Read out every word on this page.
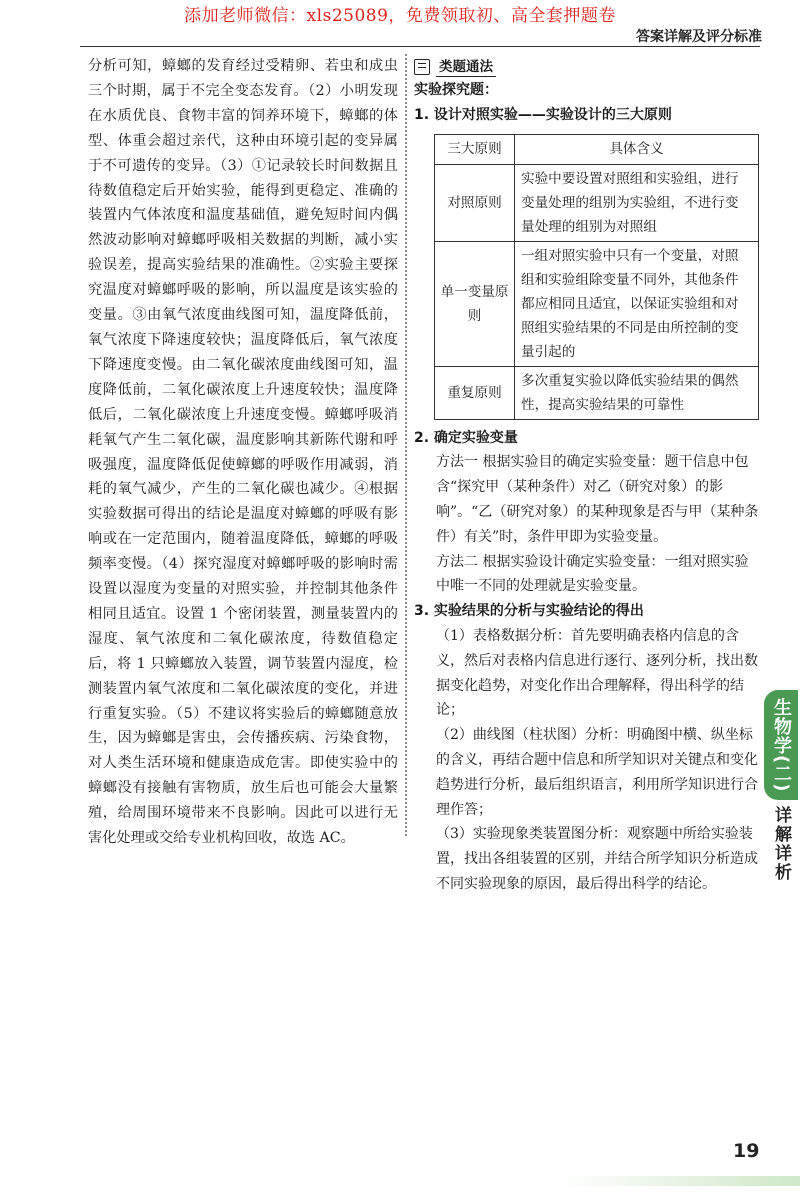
添加老师微信：xls25089，免费领取初、高全套押题卷
答案详解及评分标准

分析可知，蟑螂的发育经过受精卵、若虫和成虫三个时期，属于不完全变态发育。（2）小明发现在水质优良、食物丰富的饲养环境下，蟑螂的体型、体重会超过亲代，这种由环境引起的变异属于不可遗传的变异。（3）①记录较长时间数据且待数值稳定后开始实验，能得到更稳定、准确的装置内气体浓度和温度基础值，避免短时间内偶然波动影响对蟑螂呼吸相关数据的判断，减小实验误差，提高实验结果的准确性。②实验主要探究温度对蟑螂呼吸的影响，所以温度是该实验的变量。③由氧气浓度曲线图可知，温度降低前，氧气浓度下降速度较快；温度降低后，氧气浓度下降速度变慢。由二氧化碳浓度曲线图可知，温度降低前，二氧化碳浓度上升速度较快；温度降低后，二氧化碳浓度上升速度变慢。蟑螂呼吸消耗氧气产生二氧化碳，温度影响其新陈代谢和呼吸强度，温度降低促使蟑螂的呼吸作用减弱，消耗的氧气减少，产生的二氧化碳也减少。④根据实验数据可得出的结论是温度对蟑螂的呼吸有影响或在一定范围内，随着温度降低，蟑螂的呼吸频率变慢。（4）探究湿度对蟑螂呼吸的影响时需设置以湿度为变量的对照实验，并控制其他条件相同且适宜。设置 1 个密闭装置，测量装置内的湿度、氧气浓度和二氧化碳浓度，待数值稳定后，将 1 只蟑螂放入装置，调节装置内湿度，检测装置内氧气浓度和二氧化碳浓度的变化，并进行重复实验。（5）不建议将实验后的蟑螂随意放生，因为蟑螂是害虫，会传播疾病、污染食物，对人类生活环境和健康造成危害。即使实验中的蟑螂没有接触有害物质，放生后也可能会大量繁殖，给周围环境带来不良影响。因此可以进行无害化处理或交给专业机构回收，故选 AC。

类题通法
实验探究题：
1. 设计对照实验——实验设计的三大原则
三大原则	具体含义
对照原则	实验中要设置对照组和实验组，进行变量处理的组别为实验组，不进行变量处理的组别为对照组
单一变量原则	一组对照实验中只有一个变量，对照组和实验组除变量不同外，其他条件都应相同且适宜，以保证实验组和对照组实验结果的不同是由所控制的变量引起的
重复原则	多次重复实验以降低实验结果的偶然性，提高实验结果的可靠性
2. 确定实验变量

方法一 根据实验目的确定实验变量：题干信息中包含“探究甲（某种条件）对乙（研究对象）的影响”。“乙（研究对象）的某种现象是否与甲（某种条件）有关”时，条件甲即为实验变量。

方法二 根据实验设计确定实验变量：一组对照实验中唯一不同的处理就是实验变量。

3. 实验结果的分析与实验结论的得出

（1）表格数据分析：首先要明确表格内信息的含义，然后对表格内信息进行逐行、逐列分析，找出数据变化趋势，对变化作出合理解释，得出科学的结论；

（2）曲线图（柱状图）分析：明确图中横、纵坐标的含义，再结合题中信息和所学知识对关键点和变化趋势进行分析，最后组织语言，利用所学知识进行合理作答；

（3）实验现象类装置图分析：观察题中所给实验装置，找出各组装置的区别，并结合所学知识分析造成不同实验现象的原因，最后得出科学的结论。

生物学(二)
详解详析
19
